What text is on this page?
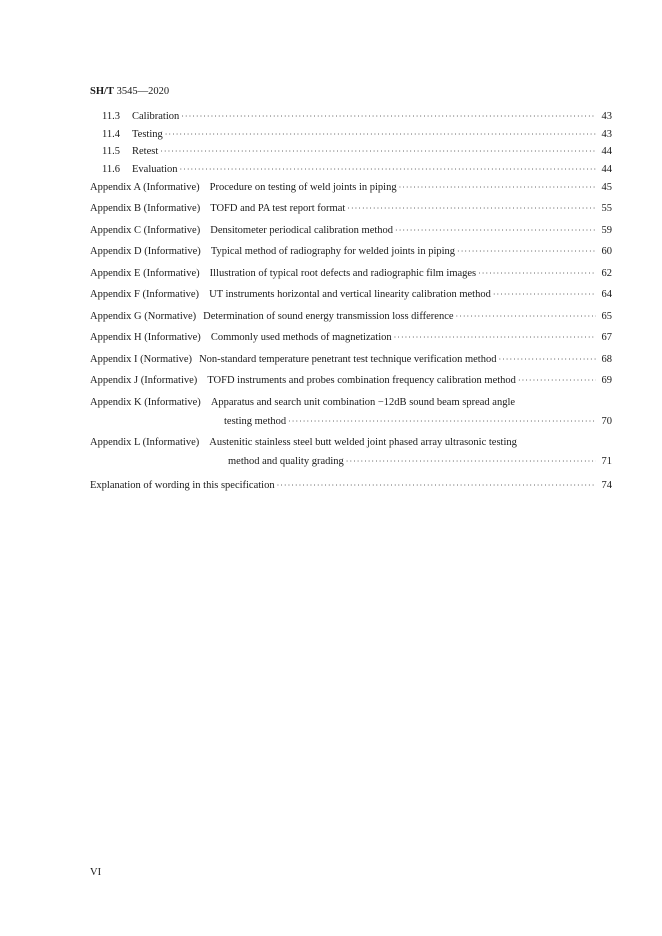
SH/T 3545—2020
11.3 Calibration ·····	43
11.4 Testing ·····	43
11.5 Retest ·····	44
11.6 Evaluation ·····	44
Appendix A (Informative) Procedure on testing of weld joints in piping ·····	45
Appendix B (Informative) TOFD and PA test report format ·····	55
Appendix C (Informative) Densitometer periodical calibration method ·····	59
Appendix D (Informative) Typical method of radiography for welded joints in piping ·····	60
Appendix E (Informative) Illustration of typical root defects and radiographic film images ·····	62
Appendix F (Informative) UT instruments horizontal and vertical linearity calibration method ·····	64
Appendix G (Normative) Determination of sound energy transmission loss difference ·····	65
Appendix H (Informative) Commonly used methods of magnetization ·····	67
Appendix I (Normative) Non-standard temperature penetrant test technique verification method ·····	68
Appendix J (Informative) TOFD instruments and probes combination frequency calibration method ·····	69
Appendix K (Informative) Apparatus and search unit combination −12dB sound beam spread angle
testing method ·····	70
Appendix L (Informative) Austenitic stainless steel butt welded joint phased array ultrasonic testing
method and quality grading ·····	71
Explanation of wording in this specification ·····	74
VI
